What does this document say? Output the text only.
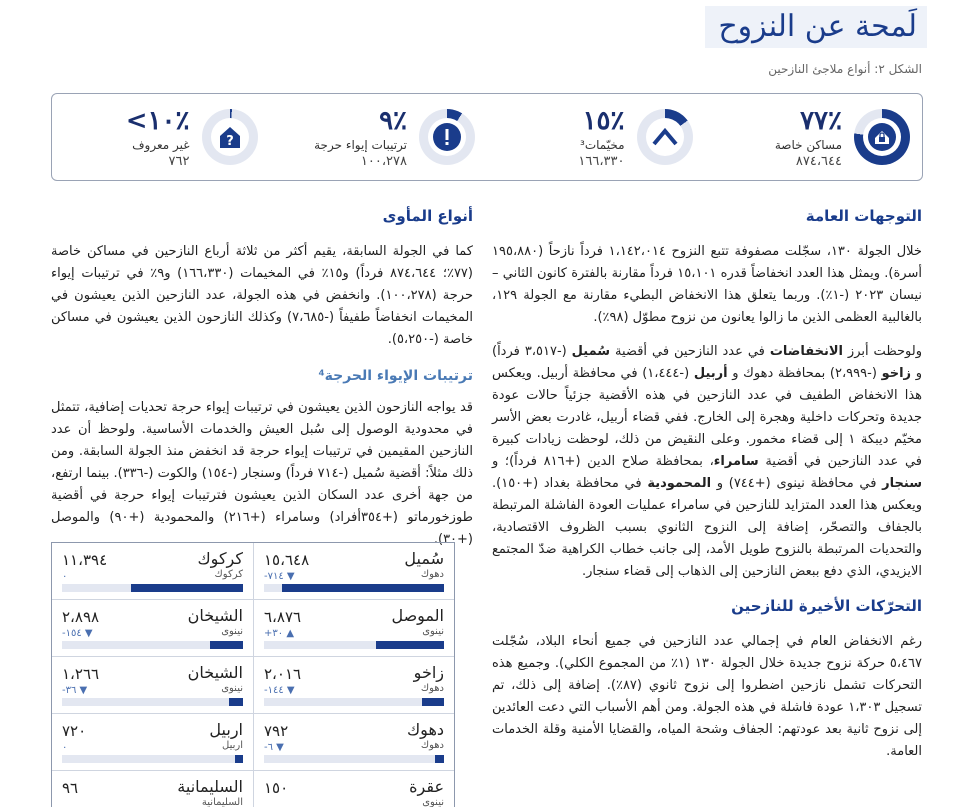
لَمحة عن النزوح
الشكل ٢: أنواع ملاجئ النازحين
٪٧٧
مساكن خاصة
٨٧٤،٦٤٤
٪١٥
مخيّمات³
١٦٦،٣٣٠
٪٩
ترتيبات إيواء حرجة
١٠٠،٢٧٨
?
٪١٠>
غير معروف
٧٦٢
التوجهات العامة

خلال الجولة ١٣٠، سجّلت مصفوفة تتبع النزوح ١،١٤٢،٠١٤ فرداً نازحاً (١٩٥،٨٨٠ أسرة). ويمثل هذا العدد انخفاضاً قدره ١٥،١٠١ فرداً مقارنة بالفترة كانون الثاني – نيسان ٢٠٢٣ (-١٪). وربما يتعلق هذا الانخفاض البطيء مقارنة مع الجولة ١٢٩، بالغالبية العظمى الذين ما زالوا يعانون من نزوح مطوّل (٩٨٪).

ولوحظت أبرز الانخفاضات في عدد النازحين في أقضية سُميل (-٣،٥١٧ فرداً) و زاخو (-٢،٩٩٩) بمحافظة دهوك و أربيل (-١،٤٤٤) في محافظة أربيل. ويعكس هذا الانخفاض الطفيف في عدد النازحين في هذه الأقضية جزئياً حالات عودة جديدة وتحركات داخلية وهجرة إلى الخارج. ففي قضاء أربيل، غادرت بعض الأسر مخيّم ديبكة ١ إلى قضاء مخمور. وعلى النقيض من ذلك، لوحظت زيادات كبيرة في عدد النازحين في أقضية سامراء، بمحافظة صلاح الدين (+٨١٦ فرداً)؛ و سنجار في محافظة نينوى (+٧٤٤) و المحمودية في محافظة بغداد (+١٥٠). ويعكس هذا العدد المتزايد للنازحين في سامراء عمليات العودة الفاشلة المرتبطة بالجفاف والتصحّر، إضافة إلى النزوح الثانوي بسبب الظروف الاقتصادية، والتحديات المرتبطة بالنزوح طويل الأمد، إلى جانب خطاب الكراهية ضدّ المجتمع الايزيدي، الذي دفع ببعض النازحين إلى الذهاب إلى قضاء سنجار.

التحرّكات الأخيرة للنازحين

رغم الانخفاض العام في إجمالي عدد النازحين في جميع أنحاء البلاد، سُجّلت ٥،٤٦٧ حركة نزوح جديدة خلال الجولة ١٣٠ (١٪ من المجموع الكلي). وجميع هذه التحركات تشمل نازحين اضطروا إلى نزوح ثانوي (٨٧٪). إضافة إلى ذلك، تم تسجيل ١،٣٠٣ عودة فاشلة في هذه الجولة. ومن أهم الأسباب التي دعت العائدين إلى نزوح ثانية بعد عودتهم: الجفاف وشحة المياه، والقضايا الأمنية وقلة الخدمات العامة.

أنواع المأوى

كما في الجولة السابقة، يقيم أكثر من ثلاثة أرباع النازحين في مساكن خاصة (٧٧٪؛ ٨٧٤،٦٤٤ فرداً) و١٥٪ في المخيمات (١٦٦،٣٣٠) و٩٪ في ترتيبات إيواء حرجة (١٠٠،٢٧٨). وانخفض في هذه الجولة، عدد النازحين الذين يعيشون في المخيمات انخفاضاً طفيفاً (-٧،٦٨٥) وكذلك النازحون الذين يعيشون في مساكن خاصة (-٥،٢٥٠).

ترتيبات الإيواء الحرجة⁴

قد يواجه النازحون الذين يعيشون في ترتيبات إيواء حرجة تحديات إضافية، تتمثل في محدودية الوصول إلى سُبل العيش والخدمات الأساسية. ولوحظ أن عدد النازحين المقيمين في ترتيبات إيواء حرجة قد انخفض منذ الجولة السابقة. ومن ذلك مثلاً: أقضية سُميل (-٧١٤ فرداً) وسنجار (-١٥٤) والكوت (-٣٣٦). بينما ارتفع، من جهة أخرى عدد السكان الذين يعيشون فترتيبات إيواء حرجة في أقضية طوزخورماتو (+٣٥٤أفراد) وسامراء (+٢١٦) والمحمودية (+٩٠) والموصل (+٣٠).

سُميل
دهوك
١٥،٦٤٨
▼ ٧١٤-
كركوك
كركوك
١١،٣٩٤
٠
الموصل
نينوى
٦،٨٧٦
▲ ٣٠+
الشيخان
نينوى
٢،٨٩٨
▼ ١٥٤-
زاخو
دهوك
٢،٠١٦
▼ ١٤٤-
الشيخان
نينوى
١،٢٦٦
▼ ٣٦-
دهوك
دهوك
٧٩٢
▼ ٦-
اربيل
اربيل
٧٢٠
٠
عقرة
نينوى
١٥٠
السليمانية
السليمانية
٩٦
